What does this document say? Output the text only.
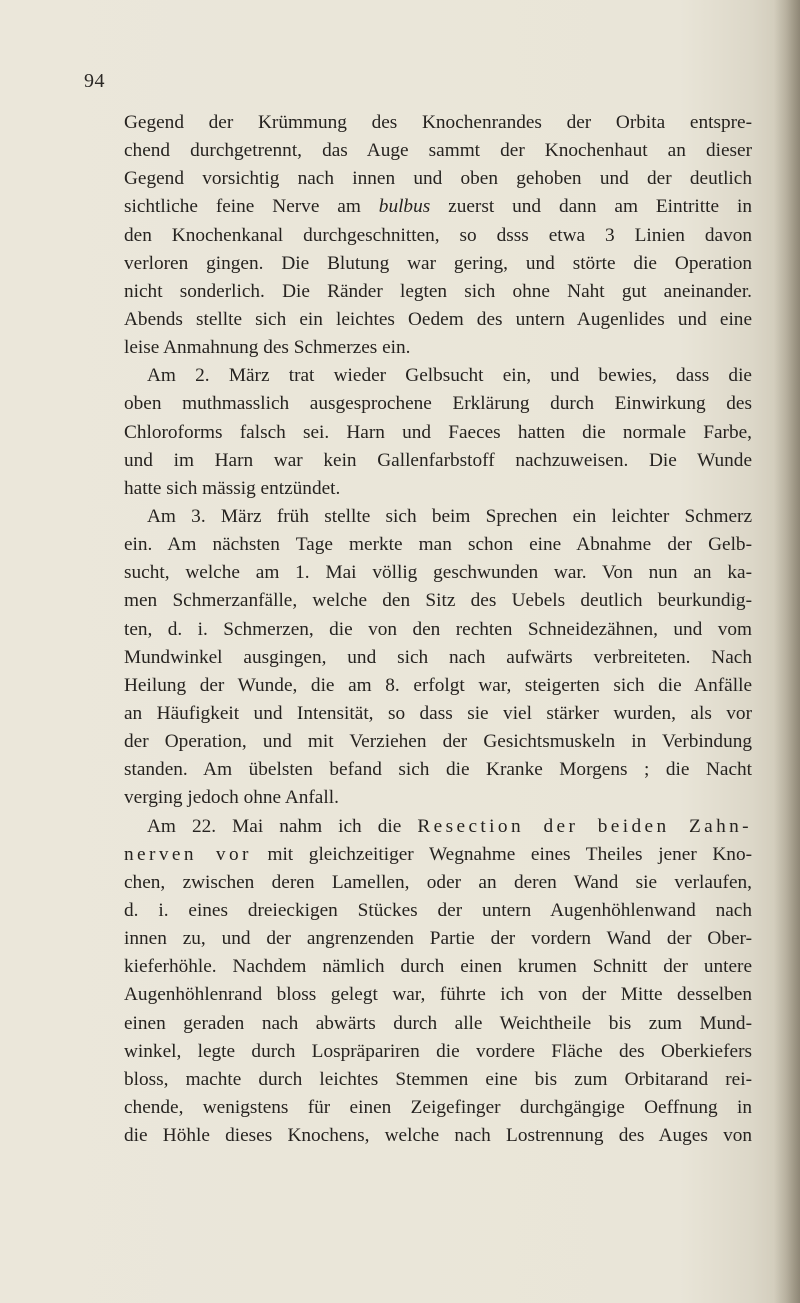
94
Gegend der Krümmung des Knochenrandes der Orbita entspre-
chend durchgetrennt, das Auge sammt der Knochenhaut an dieser
Gegend vorsichtig nach innen und oben gehoben und der deutlich
sichtliche feine Nerve am bulbus zuerst und dann am Eintritte in
den Knochenkanal durchgeschnitten, so dsss etwa 3 Linien davon
verloren gingen. Die Blutung war gering, und störte die Operation
nicht sonderlich. Die Ränder legten sich ohne Naht gut aneinander.
Abends stellte sich ein leichtes Oedem des untern Augenlides und eine
leise Anmahnung des Schmerzes ein.
Am 2. März trat wieder Gelbsucht ein, und bewies, dass die
oben muthmasslich ausgesprochene Erklärung durch Einwirkung des
Chloroforms falsch sei. Harn und Faeces hatten die normale Farbe,
und im Harn war kein Gallenfarbstoff nachzuweisen. Die Wunde
hatte sich mässig entzündet.
Am 3. März früh stellte sich beim Sprechen ein leichter Schmerz
ein. Am nächsten Tage merkte man schon eine Abnahme der Gelb-
sucht, welche am 1. Mai völlig geschwunden war. Von nun an ka-
men Schmerzanfälle, welche den Sitz des Uebels deutlich beurkundig-
ten, d. i. Schmerzen, die von den rechten Schneidezähnen, und vom
Mundwinkel ausgingen, und sich nach aufwärts verbreiteten. Nach
Heilung der Wunde, die am 8. erfolgt war, steigerten sich die Anfälle
an Häufigkeit und Intensität, so dass sie viel stärker wurden, als vor
der Operation, und mit Verziehen der Gesichtsmuskeln in Verbindung
standen. Am übelsten befand sich die Kranke Morgens ; die Nacht
verging jedoch ohne Anfall.
Am 22. Mai nahm ich die Resection der beiden Zahn-
nerven vor mit gleichzeitiger Wegnahme eines Theiles jener Kno-
chen, zwischen deren Lamellen, oder an deren Wand sie verlaufen,
d. i. eines dreieckigen Stückes der untern Augenhöhlenwand nach
innen zu, und der angrenzenden Partie der vordern Wand der Ober-
kieferhöhle. Nachdem nämlich durch einen krumen Schnitt der untere
Augenhöhlenrand bloss gelegt war, führte ich von der Mitte desselben
einen geraden nach abwärts durch alle Weichtheile bis zum Mund-
winkel, legte durch Lospräpariren die vordere Fläche des Oberkiefers
bloss, machte durch leichtes Stemmen eine bis zum Orbitarand rei-
chende, wenigstens für einen Zeigefinger durchgängige Oeffnung in
die Höhle dieses Knochens, welche nach Lostrennung des Auges von
